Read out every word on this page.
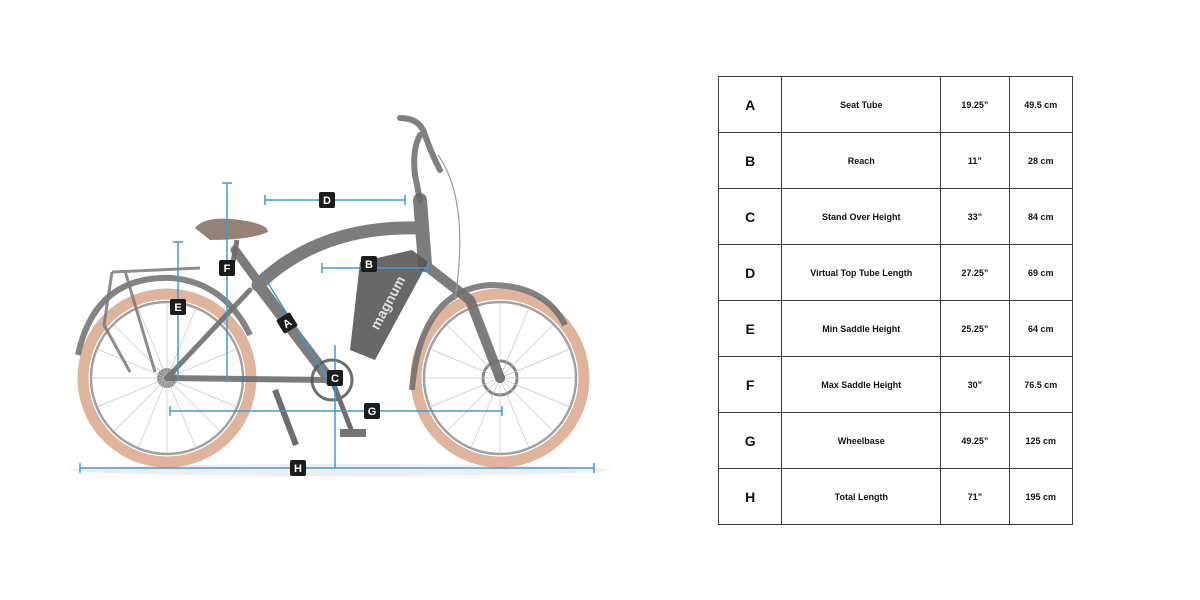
magnum
A
B
C
D
E
F
G
H
A	Seat Tube	19.25”	49.5 cm
B	Reach	11”	28 cm
C	Stand Over Height	33”	84 cm
D	Virtual Top Tube Length	27.25”	69 cm
E	Min Saddle Height	25.25”	64 cm
F	Max Saddle Height	30”	76.5 cm
G	Wheelbase	49.25”	125 cm
H	Total Length	71”	195 cm
